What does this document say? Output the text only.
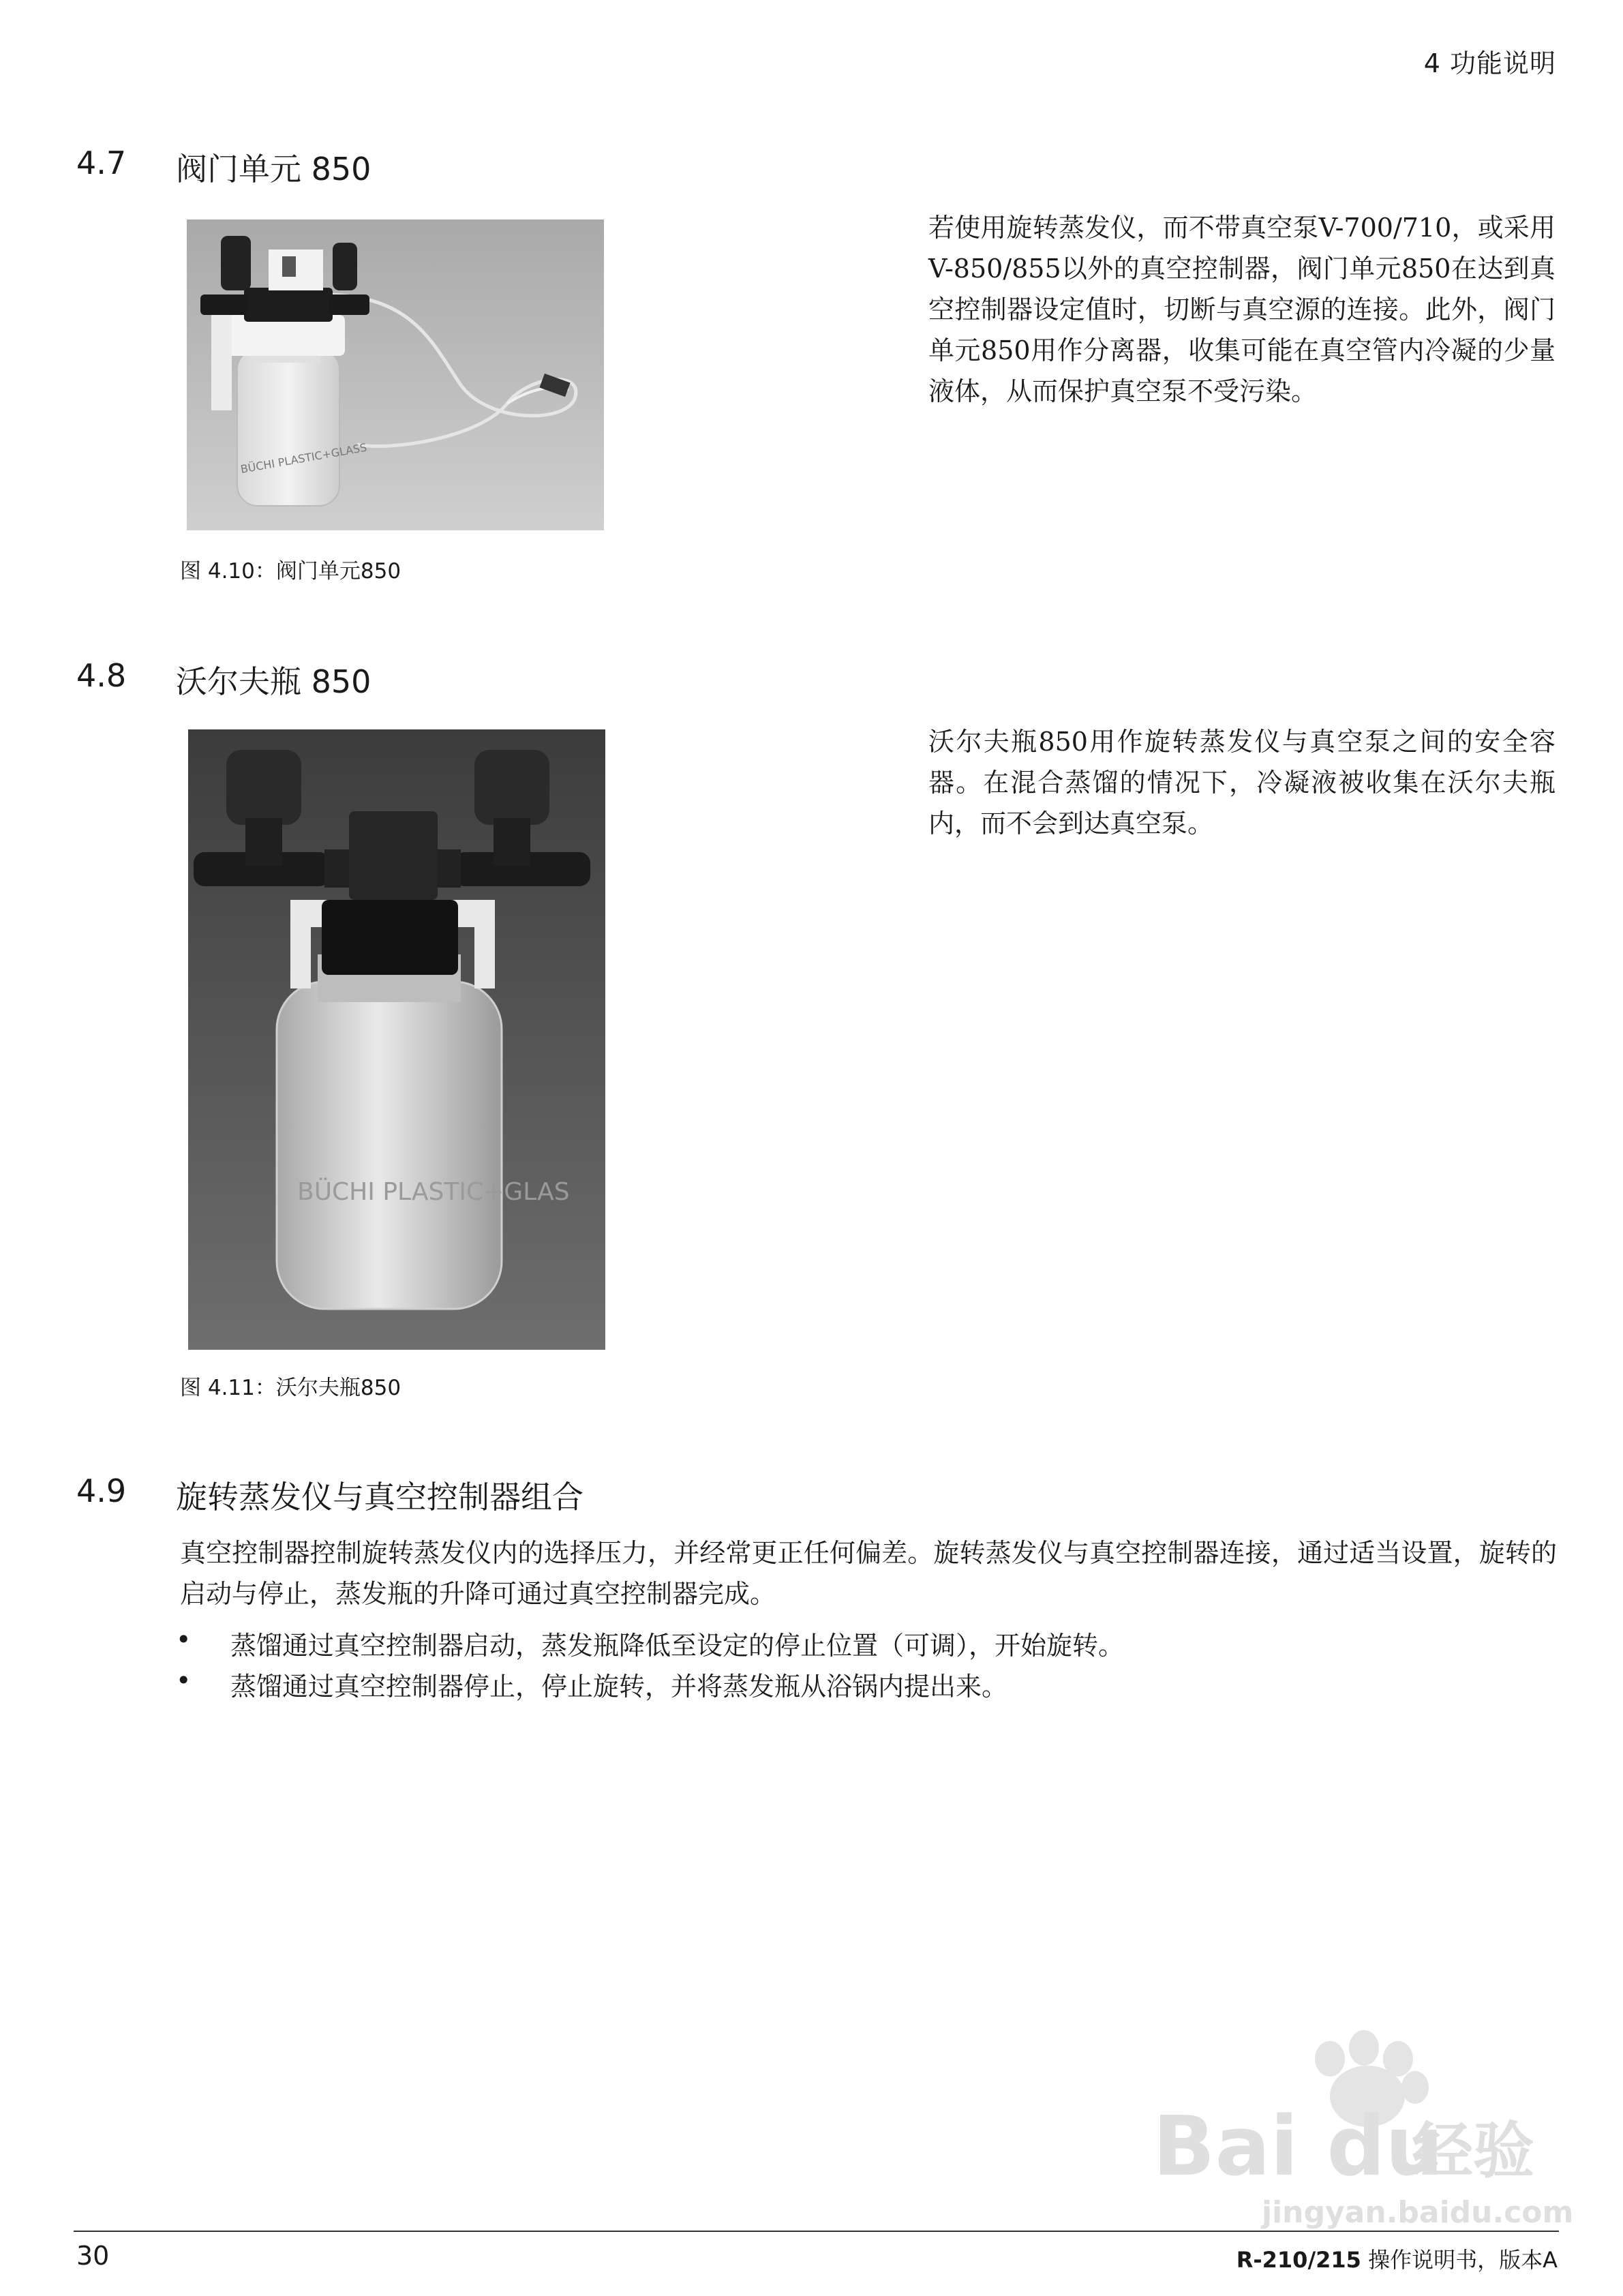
4 功能说明
4.7 阀门单元 850
BÜCHI PLASTIC+GLASS
图 4.10：阀门单元850
若使用旋转蒸发仪，而不带真空泵V-700/710，或采用V-850/855以外的真空控制器，阀门单元850在达到真空控制器设定值时，切断与真空源的连接。此外，阀门单元850用作分离器，收集可能在真空管内冷凝的少量液体，从而保护真空泵不受污染。
4.8 沃尔夫瓶 850
BÜCHI PLASTIC+GLAS
图 4.11：沃尔夫瓶850
沃尔夫瓶850用作旋转蒸发仪与真空泵之间的安全容器。在混合蒸馏的情况下，冷凝液被收集在沃尔夫瓶内，而不会到达真空泵。
4.9 旋转蒸发仪与真空控制器组合
真空控制器控制旋转蒸发仪内的选择压力，并经常更正任何偏差。旋转蒸发仪与真空控制器连接，通过适当设置，旋转的启动与停止，蒸发瓶的升降可通过真空控制器完成。
• 蒸馏通过真空控制器启动，蒸发瓶降低至设定的停止位置（可调），开始旋转。
• 蒸馏通过真空控制器停止，停止旋转，并将蒸发瓶从浴锅内提出来。
Bai du
经验
jingyan.baidu.com
30	R-210/215 操作说明书，版本A
